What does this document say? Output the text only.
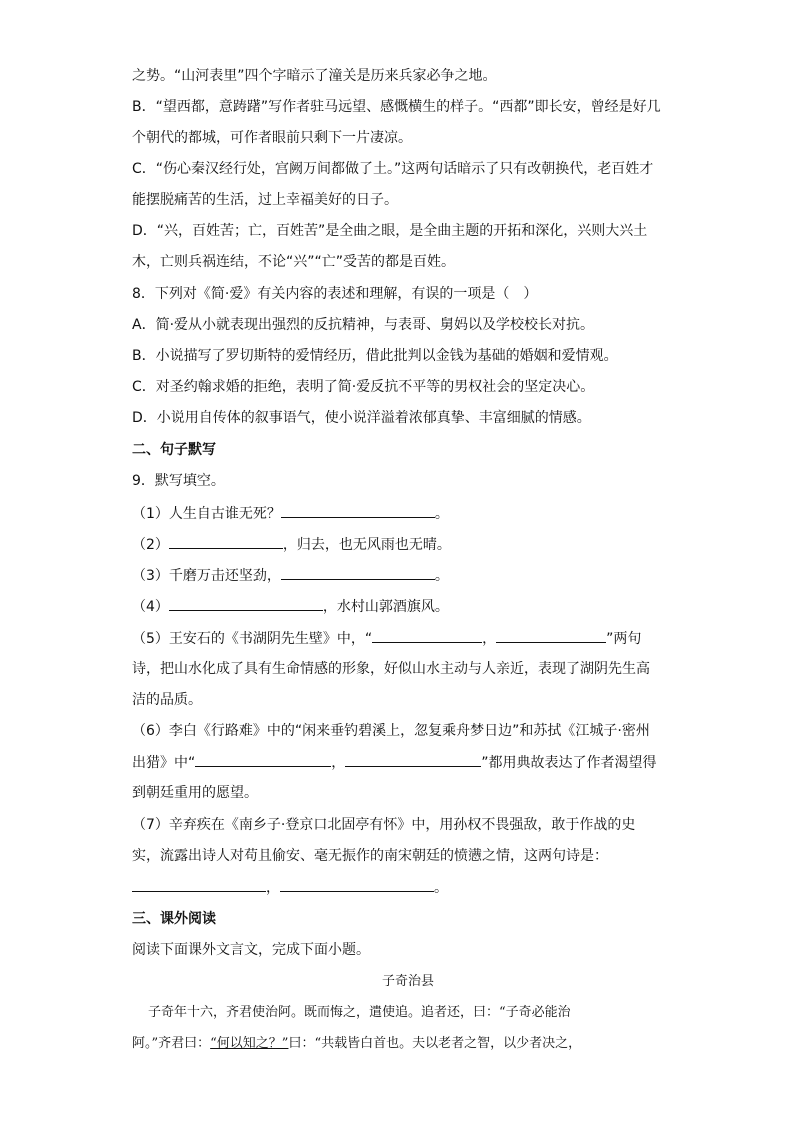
之势。“山河表里”四个字暗示了潼关是历来兵家必争之地。
B．“望西都，意踌躇”写作者驻马远望、感慨横生的样子。“西都”即长安，曾经是好几
个朝代的都城，可作者眼前只剩下一片凄凉。
C．“伤心秦汉经行处，宫阙万间都做了土。”这两句话暗示了只有改朝换代，老百姓才
能摆脱痛苦的生活，过上幸福美好的日子。
D．“兴，百姓苦；亡，百姓苦”是全曲之眼，是全曲主题的开拓和深化，兴则大兴土
木，亡则兵祸连结，不论“兴”“亡”受苦的都是百姓。
8．下列对《简·爱》有关内容的表述和理解，有误的一项是（　）
A．简·爱从小就表现出强烈的反抗精神，与表哥、舅妈以及学校校长对抗。
B．小说描写了罗切斯特的爱情经历，借此批判以金钱为基础的婚姻和爱情观。
C．对圣约翰求婚的拒绝，表明了简·爱反抗不平等的男权社会的坚定决心。
D．小说用自传体的叙事语气，使小说洋溢着浓郁真挚、丰富细腻的情感。
二、句子默写
9．默写填空。
（1）人生自古谁无死？	。
（2）	，归去，也无风雨也无晴。
（3）千磨万击还坚劲，	。
（4）	，水村山郭酒旗风。
（5）王安石的《书湖阴先生壁》中，“	，	”两句
诗，把山水化成了具有生命情感的形象，好似山水主动与人亲近，表现了湖阴先生高
洁的品质。
（6）李白《行路难》中的“闲来垂钓碧溪上，忽复乘舟梦日边”和苏拭《江城子·密州
出猎》中“	，	”都用典故表达了作者渴望得
到朝廷重用的愿望。
（7）辛弃疾在《南乡子·登京口北固亭有怀》中，用孙权不畏强敌，敢于作战的史
实，流露出诗人对苟且偷安、毫无振作的南宋朝廷的愤懑之情，这两句诗是：
，	。
三、课外阅读
阅读下面课外文言文，完成下面小题。
子奇治县
子奇年十六，齐君使治阿。既而悔之，遣使追。追者还，曰：“子奇必能治
阿。”齐君曰：“何以知之？”曰：“共载皆白首也。夫以老者之智，以少者决之，
